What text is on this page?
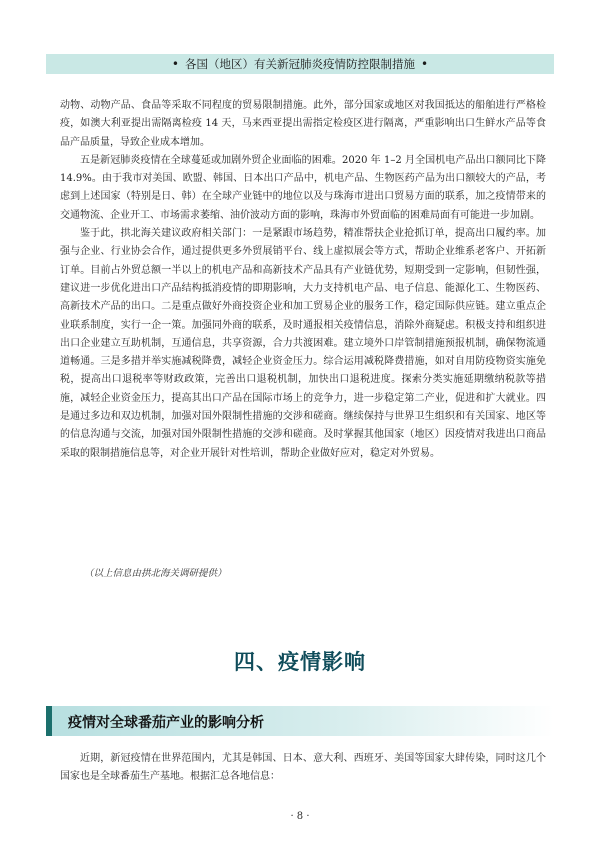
• 各国（地区）有关新冠肺炎疫情防控限制措施 •

动物、动物产品、食品等采取不同程度的贸易限制措施。此外，部分国家或地区对我国抵达的船舶进行严格检疫，如澳大利亚提出需隔离检疫 14 天，马来西亚提出需指定检疫区进行隔离，严重影响出口生鲜水产品等食品产品质量，导致企业成本增加。

五是新冠肺炎疫情在全球蔓延或加剧外贸企业面临的困难。2020 年 1–2 月全国机电产品出口额同比下降 14.9%。由于我市对美国、欧盟、韩国、日本出口产品中，机电产品、生物医药产品为出口额较大的产品，考虑到上述国家（特别是日、韩）在全球产业链中的地位以及与珠海市进出口贸易方面的联系，加之疫情带来的交通物流、企业开工、市场需求萎缩、油价波动方面的影响，珠海市外贸面临的困难局面有可能进一步加剧。

鉴于此，拱北海关建议政府相关部门：一是紧跟市场趋势，精准帮扶企业抢抓订单，提高出口履约率。加强与企业、行业协会合作，通过提供更多外贸展销平台、线上虚拟展会等方式，帮助企业维系老客户、开拓新订单。目前占外贸总额一半以上的机电产品和高新技术产品具有产业链优势，短期受到一定影响，但韧性强，建议进一步优化进出口产品结构抵消疫情的即期影响，大力支持机电产品、电子信息、能源化工、生物医药、高新技术产品的出口。二是重点做好外商投资企业和加工贸易企业的服务工作，稳定国际供应链。建立重点企业联系制度，实行一企一策。加强同外商的联系，及时通报相关疫情信息，消除外商疑虑。积极支持和组织进出口企业建立互助机制，互通信息，共享资源，合力共渡困难。建立境外口岸管制措施预报机制，确保物流通道畅通。三是多措并举实施减税降费，减轻企业资金压力。综合运用减税降费措施，如对自用防疫物资实施免税，提高出口退税率等财政政策，完善出口退税机制，加快出口退税进度。探索分类实施延期缴纳税款等措施，减轻企业资金压力，提高其出口产品在国际市场上的竞争力，进一步稳定第二产业，促进和扩大就业。四是通过多边和双边机制，加强对国外限制性措施的交涉和磋商。继续保持与世界卫生组织和有关国家、地区等的信息沟通与交流，加强对国外限制性措施的交涉和磋商。及时掌握其他国家（地区）因疫情对我进出口商品采取的限制措施信息等，对企业开展针对性培训，帮助企业做好应对，稳定对外贸易。

（以上信息由拱北海关调研提供）
四、疫情影响
疫情对全球番茄产业的影响分析

近期，新冠疫情在世界范围内，尤其是韩国、日本、意大利、西班牙、美国等国家大肆传染，同时这几个国家也是全球番茄生产基地。根据汇总各地信息：

· 8 ·
